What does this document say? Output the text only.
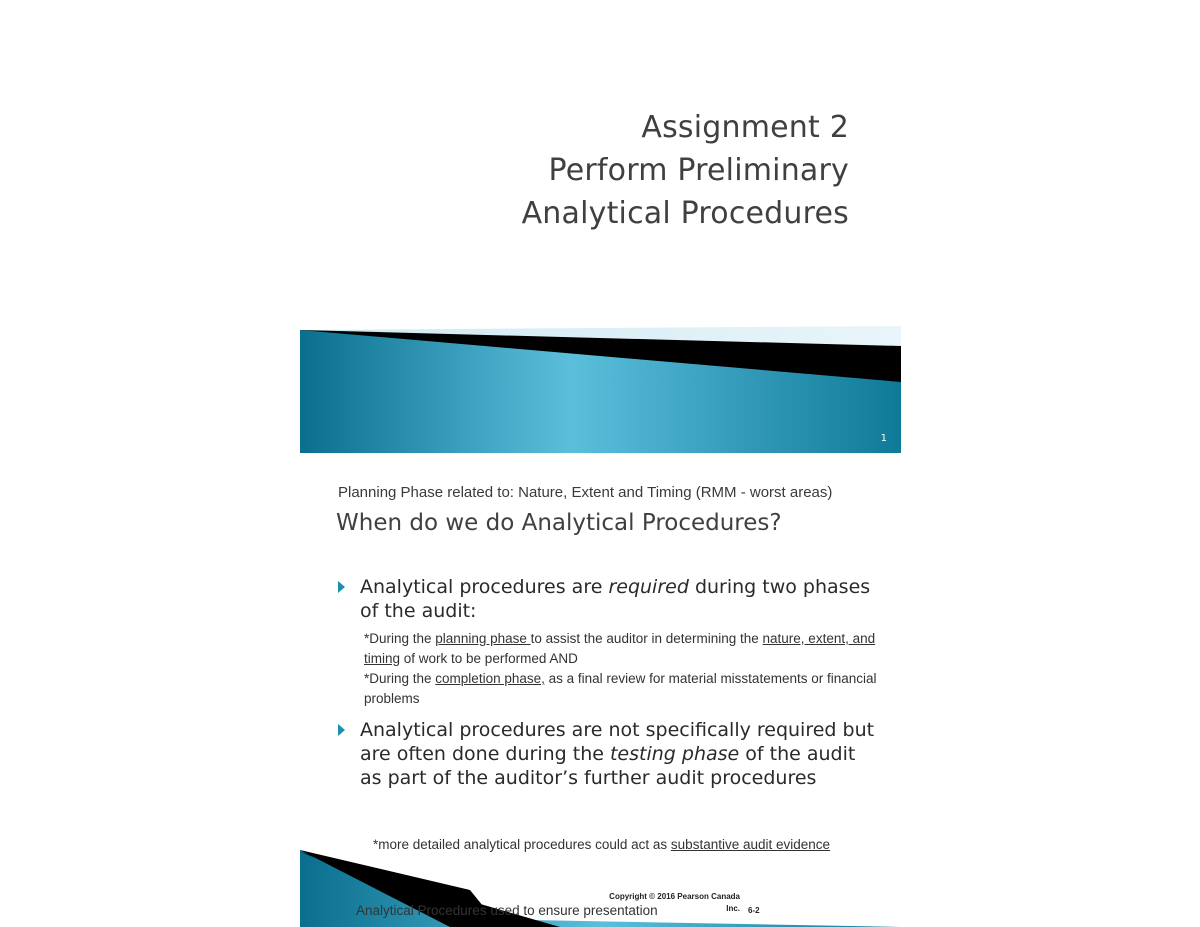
Assignment 2
Perform Preliminary
Analytical Procedures
1
Planning Phase related to: Nature, Extent and Timing (RMM - worst areas)
When do we do Analytical Procedures?
Analytical procedures are required during two phases of the audit:
*During the planning phase to assist the auditor in determining the nature, extent, and timing of work to be performed AND
*During the completion phase, as a final review for material misstatements or financial problems
Analytical procedures are not specifically required but are often done during the testing phase of the audit as part of the auditor’s further audit procedures
*more detailed analytical procedures could act as substantive audit evidence
Analytical Procedures used to ensure presentation
Copyright © 2016 Pearson Canada Inc. 6-2
